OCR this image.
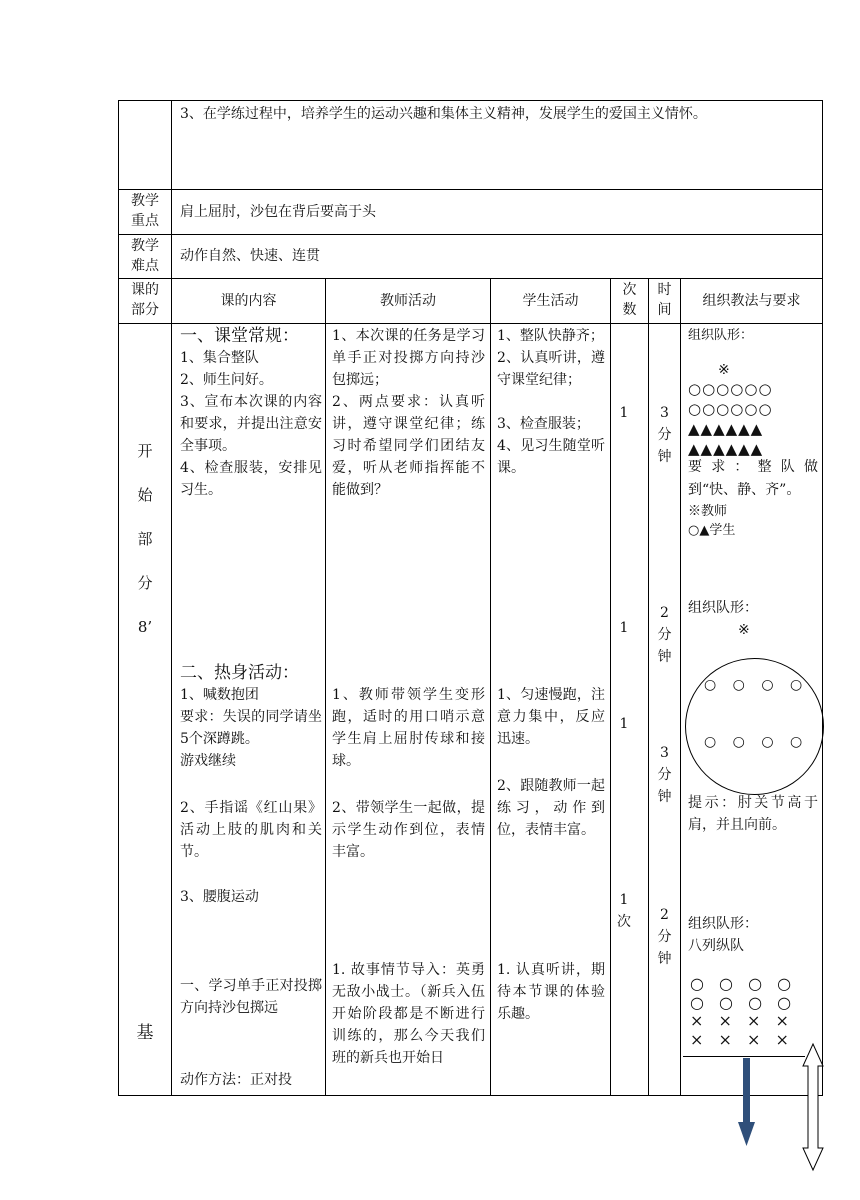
3、在学练过程中，培养学生的运动兴趣和集体主义精神，发展学生的爱国主义情怀。
教学
重点
肩上屈肘，沙包在背后要高于头
教学
难点
动作自然、快速、连贯
课的
部分
课的内容	教师活动	学生活动
次
数
时
间
组织教法与要求
开

始

部

分

8’
基
一、课堂常规：
1、集合整队
2、师生问好。
3、宣布本次课的内容和要求，并提出注意安全事项。
4、检查服装，安排见习生。
二、热身活动：
1、喊数抱团
要求：失误的同学请坐5个深蹲跳。
游戏继续
2、手指谣《红山果》活动上肢的肌肉和关节。
3、腰腹运动
一、学习单手正对投掷方向持沙包掷远
动作方法：正对投
1、本次课的任务是学习单手正对投掷方向持沙包掷远；
2、两点要求：认真听讲，遵守课堂纪律；练习时希望同学们团结友爱，听从老师指挥能不能做到？
1、教师带领学生变形跑，适时的用口哨示意学生肩上屈肘传球和接球。
2、带领学生一起做，提示学生动作到位，表情丰富。
1. 故事情节导入：英勇无敌小战士。（新兵入伍开始阶段都是不断进行训练的，那么今天我们班的新兵也开始日
1、整队快静齐；
2、认真听讲，遵守课堂纪律；

3、检查服装；
4、见习生随堂听课。
1、匀速慢跑，注意力集中，反应迅速。
2、跟随教师一起练习，动作到位，表情丰富。
1. 认真听讲，期待本节课的体验乐趣。
1
1
1
1
次
3
分
钟
2
分
钟
3
分
钟
2
分
钟
组织队形：
※
○○○○○○
○○○○○○
▲▲▲▲▲▲
▲▲▲▲▲▲
要求：整队做到“快、静、齐”。
※教师
○▲学生
组织队形：
※
○ ○ ○ ○
○ ○ ○ ○
提示：肘关节高于肩，并且向前。
组织队形：
八列纵队
○ ○ ○ ○
○ ○ ○ ○
× × × ×
× × × ×
